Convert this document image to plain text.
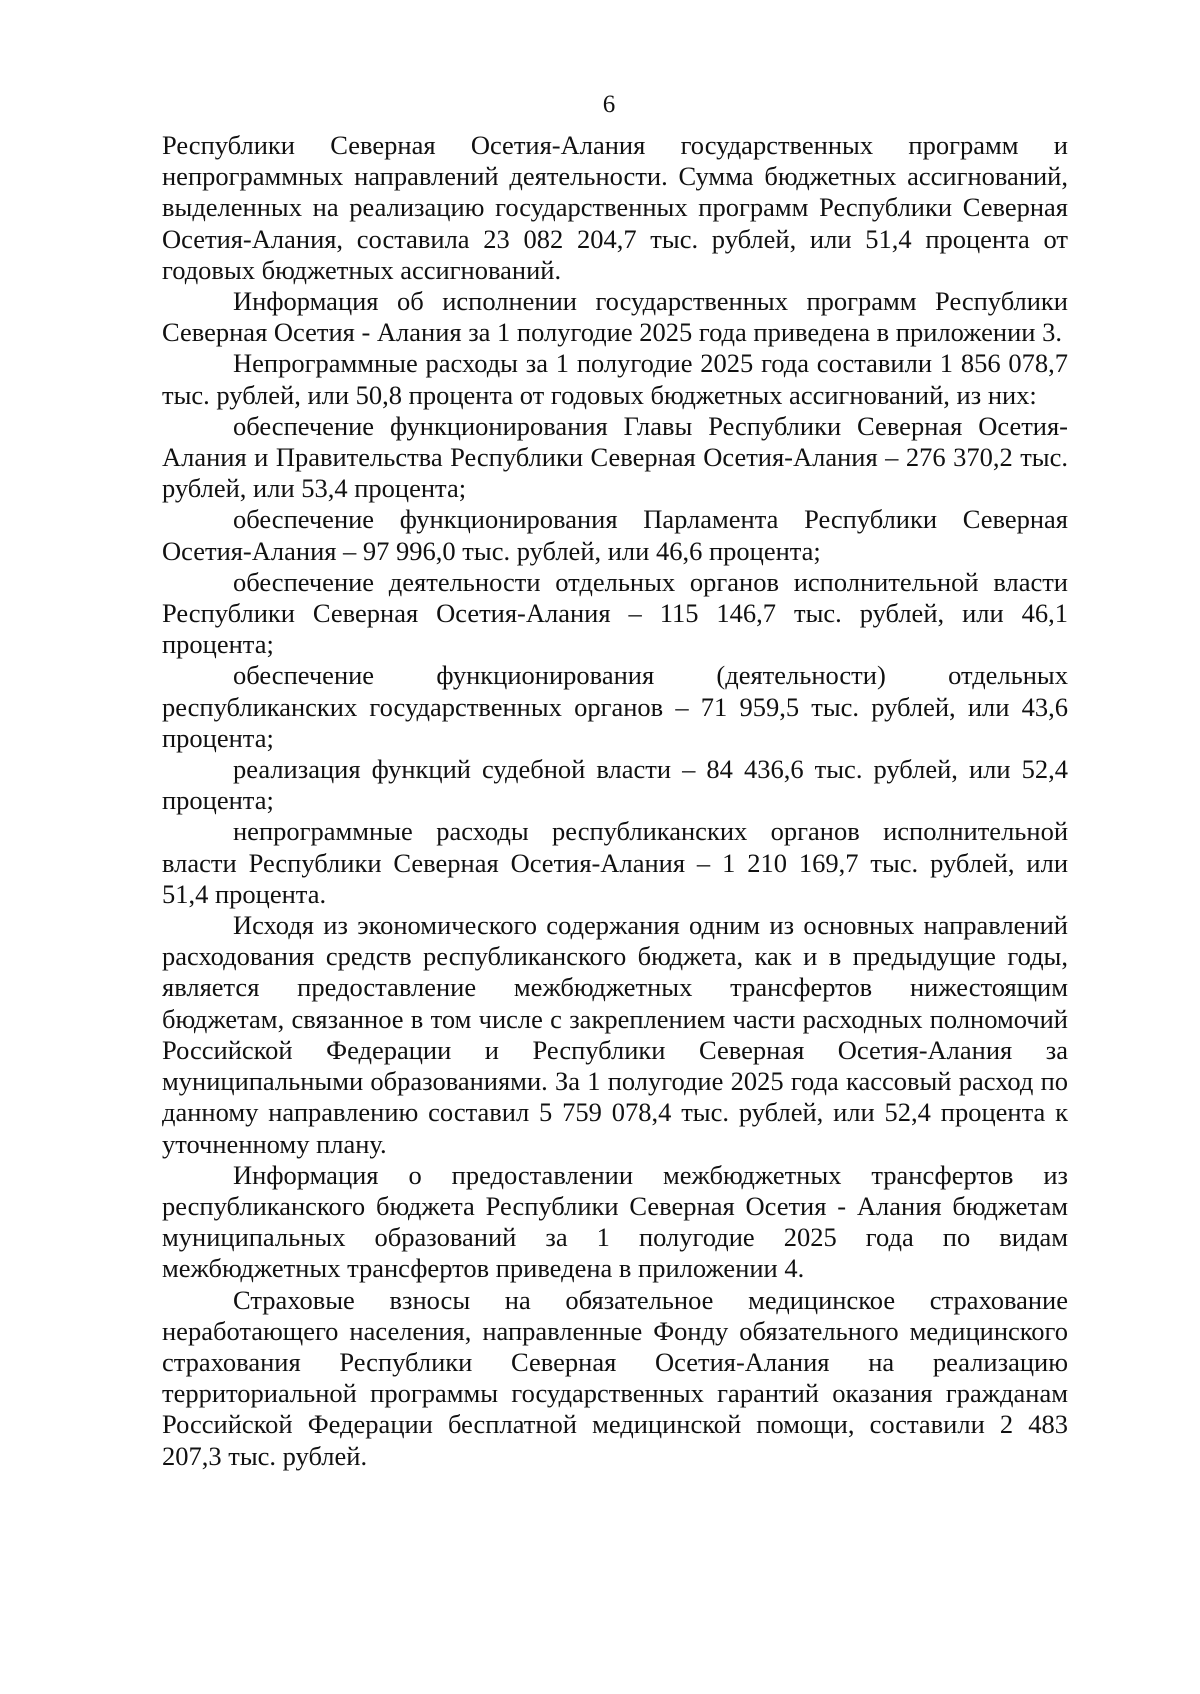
6

Республики Северная Осетия-Алания государственных программ и непрограммных направлений деятельности. Сумма бюджетных ассигнований, выделенных на реализацию государственных программ Республики Северная Осетия-Алания, составила 23 082 204,7 тыс. рублей, или 51,4 процента от годовых бюджетных ассигнований.

Информация об исполнении государственных программ Республики Северная Осетия - Алания за 1 полугодие 2025 года приведена в приложении 3.

Непрограммные расходы за 1 полугодие 2025 года составили 1 856 078,7 тыс. рублей, или 50,8 процента от годовых бюджетных ассигнований, из них:

обеспечение функционирования Главы Республики Северная Осетия-Алания и Правительства Республики Северная Осетия-Алания – 276 370,2 тыс. рублей, или 53,4 процента;

обеспечение функционирования Парламента Республики Северная Осетия-Алания – 97 996,0 тыс. рублей, или 46,6 процента;

обеспечение деятельности отдельных органов исполнительной власти Республики Северная Осетия-Алания – 115 146,7 тыс. рублей, или 46,1 процента;

обеспечение функционирования (деятельности) отдельных республиканских государственных органов – 71 959,5 тыс. рублей, или 43,6 процента;

реализация функций судебной власти – 84 436,6 тыс. рублей, или 52,4 процента;

непрограммные расходы республиканских органов исполнительной власти Республики Северная Осетия-Алания – 1 210 169,7 тыс. рублей, или 51,4 процента.

Исходя из экономического содержания одним из основных направлений расходования средств республиканского бюджета, как и в предыдущие годы, является предоставление межбюджетных трансфертов нижестоящим бюджетам, связанное в том числе с закреплением части расходных полномочий Российской Федерации и Республики Северная Осетия-Алания за муниципальными образованиями. За 1 полугодие 2025 года кассовый расход по данному направлению составил 5 759 078,4 тыс. рублей, или 52,4 процента к уточненному плану.

Информация о предоставлении межбюджетных трансфертов из республиканского бюджета Республики Северная Осетия - Алания бюджетам муниципальных образований за 1 полугодие 2025 года по видам межбюджетных трансфертов приведена в приложении 4.

Страховые взносы на обязательное медицинское страхование неработающего населения, направленные Фонду обязательного медицинского страхования Республики Северная Осетия-Алания на реализацию территориальной программы государственных гарантий оказания гражданам Российской Федерации бесплатной медицинской помощи, составили 2 483 207,3 тыс. рублей.
